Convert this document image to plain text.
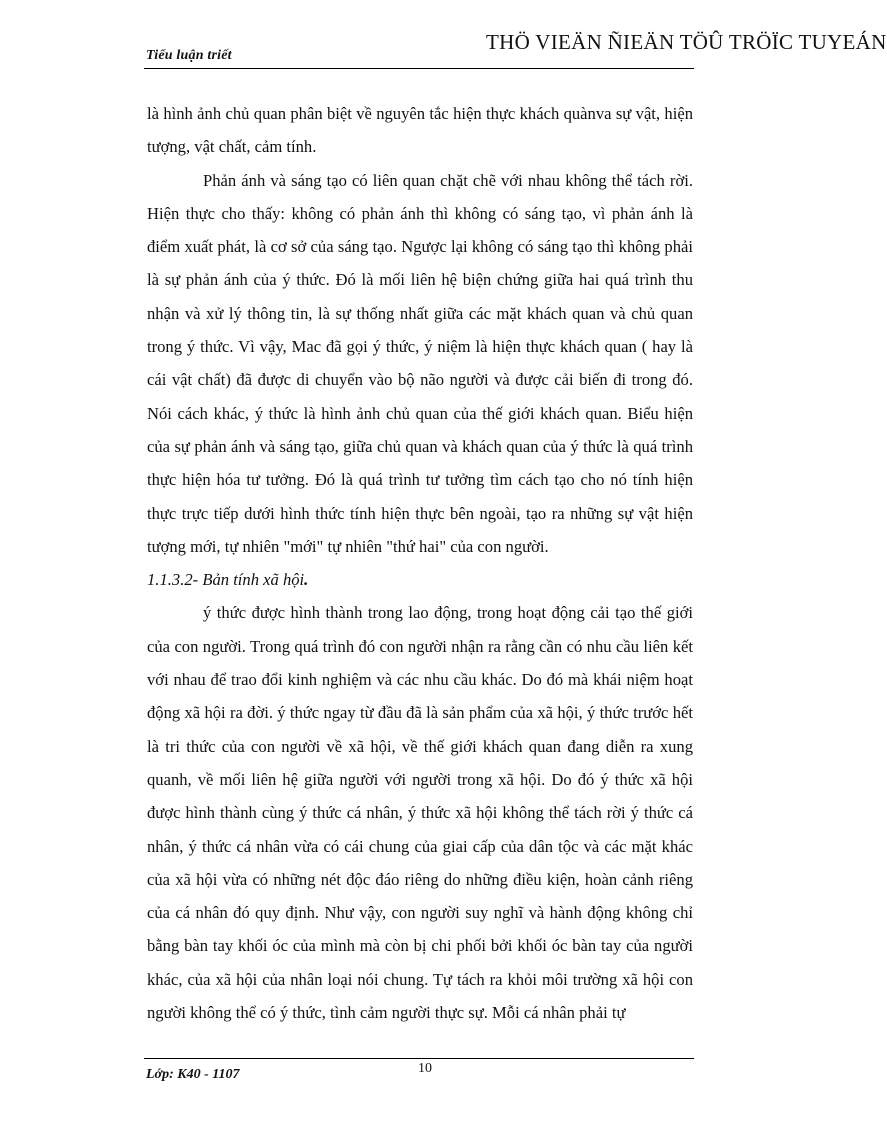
Tiểu luận triết
THÖ VIEÄN ÑIEÄN TÖÛ TRÖÏC TUYEÁN

là hình ảnh chủ quan phân biệt về nguyên tắc hiện thực khách quànva sự vật, hiện tượng, vật chất, cảm tính.

Phản ánh và sáng tạo có liên quan chặt chẽ với nhau không thể tách rời. Hiện thực cho thấy: không có phản ánh thì không có sáng tạo, vì phản ánh là điểm xuất phát, là cơ sở của sáng tạo. Ngược lại không có sáng tạo thì không phải là sự phản ánh của ý thức. Đó là mối liên hệ biện chứng giữa hai quá trình thu nhận và xử lý thông tin, là sự thống nhất giữa các mặt khách quan và chủ quan trong ý thức. Vì vậy, Mac đã gọi ý thức, ý niệm là hiện thực khách quan ( hay là cái vật chất) đã được di chuyển vào bộ não người và được cải biến đi trong đó. Nói cách khác, ý thức là hình ảnh chủ quan của thế giới khách quan. Biểu hiện của sự phản ánh và sáng tạo, giữa chủ quan và khách quan của ý thức là quá trình thực hiện hóa tư tưởng. Đó là quá trình tư tưởng tìm cách tạo cho nó tính hiện thực trực tiếp dưới hình thức tính hiện thực bên ngoài, tạo ra những sự vật hiện tượng mới, tự nhiên "mới" tự nhiên "thứ hai" của con người.

1.1.3.2- Bản tính xã hội.

ý thức được hình thành trong lao động, trong hoạt động cải tạo thế giới của con người. Trong quá trình đó con người nhận ra rằng cần có nhu cầu liên kết với nhau để trao đổi kinh nghiệm và các nhu cầu khác. Do đó mà khái niệm hoạt động xã hội ra đời. ý thức ngay từ đầu đã là sản phẩm của xã hội, ý thức trước hết là tri thức của con người về xã hội, về thế giới khách quan đang diễn ra xung quanh, về mối liên hệ giữa người với người trong xã hội. Do đó ý thức xã hội được hình thành cùng ý thức cá nhân, ý thức xã hội không thể tách rời ý thức cá nhân, ý thức cá nhân vừa có cái chung của giai cấp của dân tộc và các mặt khác của xã hội vừa có những nét độc đáo riêng do những điều kiện, hoàn cảnh riêng của cá nhân đó quy định. Như vậy, con người suy nghĩ và hành động không chỉ bằng bàn tay khối óc của mình mà còn bị chi phối bởi khối óc bàn tay của người khác, của xã hội của nhân loại nói chung. Tự tách ra khỏi môi trường xã hội con người không thể có ý thức, tình cảm người thực sự. Mỗi cá nhân phải tự

Lớp: K40 - 1107	10
